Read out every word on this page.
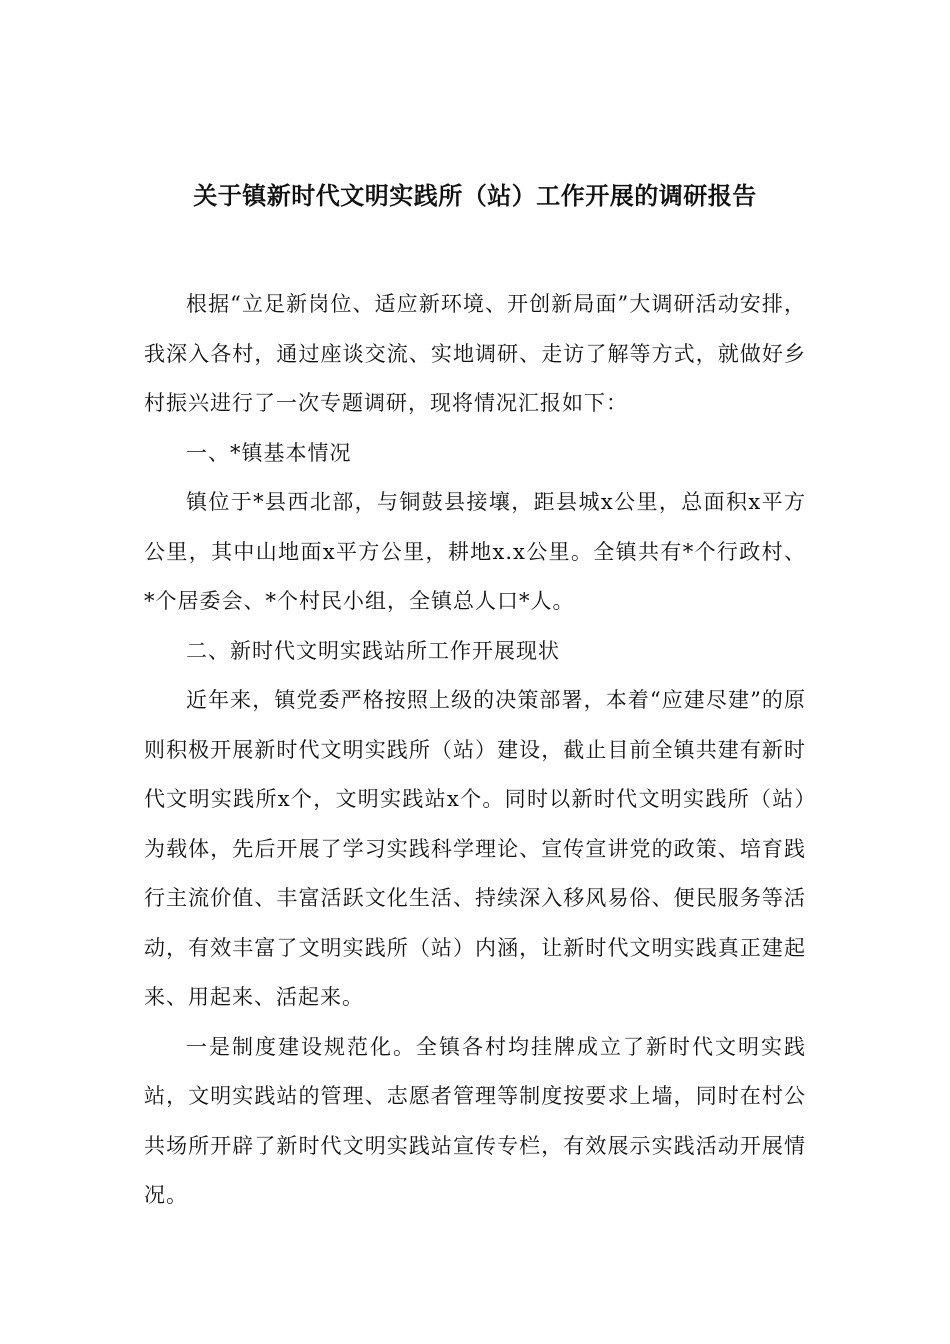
关于镇新时代文明实践所（站）工作开展的调研报告

根据“立足新岗位、适应新环境、开创新局面”大调研活动安排，我深入各村，通过座谈交流、实地调研、走访了解等方式，就做好乡村振兴进行了一次专题调研，现将情况汇报如下：

一、*镇基本情况

镇位于*县西北部，与铜鼓县接壤，距县城x公里，总面积x平方公里，其中山地面x平方公里，耕地x.x公里。全镇共有*个行政村、*个居委会、*个村民小组，全镇总人口*人。

二、新时代文明实践站所工作开展现状

近年来，镇党委严格按照上级的决策部署，本着“应建尽建”的原则积极开展新时代文明实践所（站）建设，截止目前全镇共建有新时代文明实践所x个，文明实践站x个。同时以新时代文明实践所（站）为载体，先后开展了学习实践科学理论、宣传宣讲党的政策、培育践行主流价值、丰富活跃文化生活、持续深入移风易俗、便民服务等活动，有效丰富了文明实践所（站）内涵，让新时代文明实践真正建起来、用起来、活起来。

一是制度建设规范化。全镇各村均挂牌成立了新时代文明实践站，文明实践站的管理、志愿者管理等制度按要求上墙，同时在村公共场所开辟了新时代文明实践站宣传专栏，有效展示实践活动开展情况。
